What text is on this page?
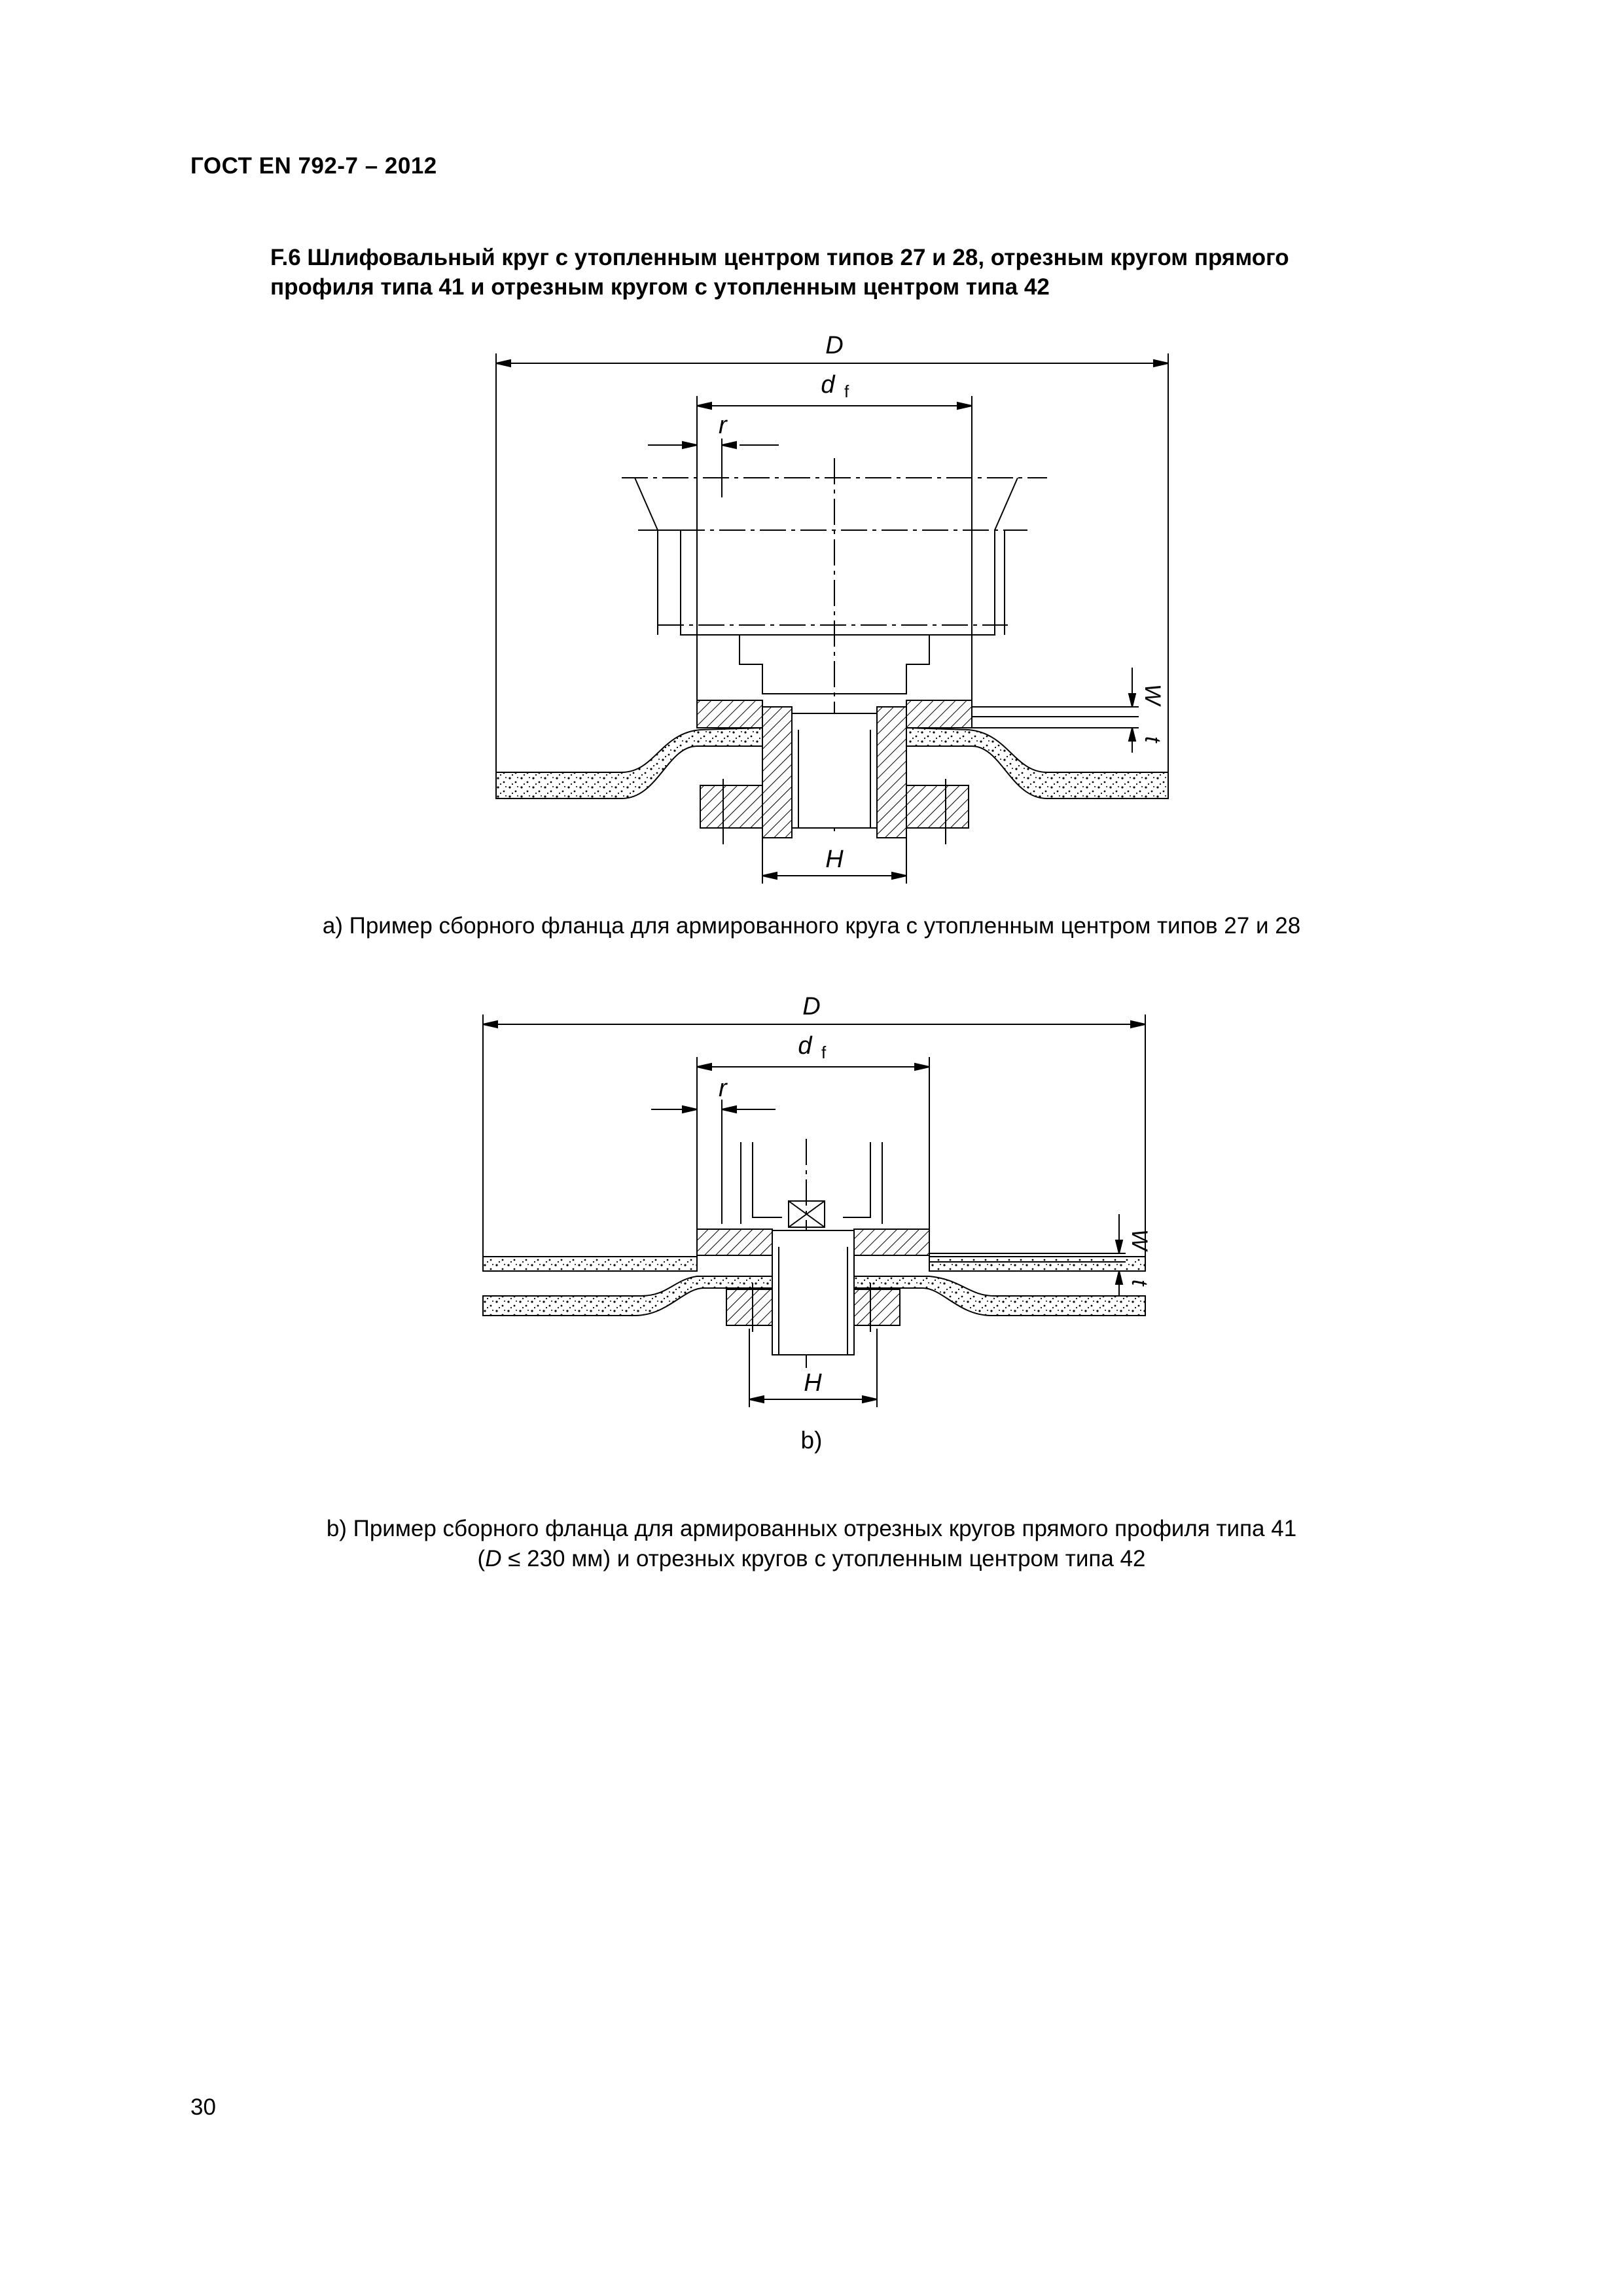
ГОСТ EN 792-7 – 2012
F.6 Шлифовальный круг с утопленным центром типов 27 и 28, отрезным кругом прямого
профиля типа 41 и отрезным кругом с утопленным центром типа 42
D
d f
r
W
t
H
а) Пример сборного фланца для армированного круга с утопленным центром типов 27 и 28
D
d f
r
W
t
H
b)
b) Пример сборного фланца для армированных отрезных кругов прямого профиля типа 41
(D ≤ 230 мм) и отрезных кругов с утопленным центром типа 42
30
